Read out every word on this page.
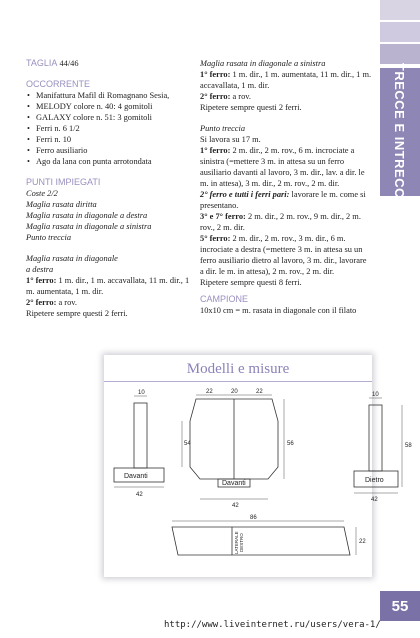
TRECCE E INTRECCI
55

TAGLIA 44/46

OCCORRENTE

• Manifattura Mafil di Romagnano Sesia,
• MELODY colore n. 40: 4 gomitoli
• GALAXY colore n. 51: 3 gomitoli
• Ferri n. 6 1/2
• Ferri n. 10
• Ferro ausiliario
• Ago da lana con punta arrotondata

PUNTI IMPIEGATI

Coste 2/2

Maglia rasata diritta

Maglia rasata in diagonale a destra

Maglia rasata in diagonale a sinistra

Punto treccia

Maglia rasata in diagonale

a destra

1° ferro: 1 m. dir., 1 m. accavallata, 11 m. dir., 1 m. aumentata, 1 m. dir.

2° ferro: a rov.

Ripetere sempre questi 2 ferri.

Maglia rasata in diagonale a sinistra

1° ferro: 1 m. dir., 1 m. aumentata, 11 m. dir., 1 m. accavallata, 1 m. dir.

2° ferro: a rov.

Ripetere sempre questi 2 ferri.

Punto treccia

Si lavora su 17 m.

1° ferro: 2 m. dir., 2 m. rov., 6 m. incrociate a sinistra (=mettere 3 m. in attesa su un ferro ausiliario davanti al lavoro, 3 m. dir., lav. a dir. le m. in attesa), 3 m. dir., 2 m. rov., 2 m. dir.

2° ferro e tutti i ferri pari: lavorare le m. come si presentano.

3° e 7° ferro: 2 m. dir., 2 m. rov., 9 m. dir., 2 m. rov., 2 m. dir.

5° ferro: 2 m. dir., 2 m. rov., 3 m. dir., 6 m. incrociate a destra (=mettere 3 m. in attesa su un ferro ausiliario dietro al lavoro, 3 m. dir., lavorare a dir. le m. in attesa), 2 m. rov., 2 m. dir.

Ripetere sempre questi 8 ferri.

CAMPIONE

10x10 cm = m. rasata in diagonale con il filato

Modelli e misure
10
42
22	20	22
54	56
42
10
58
42
86
22
Davanti
Davanti	Dietro
LATERALE DESTRO
http://www.liveinternet.ru/users/vera-1/
